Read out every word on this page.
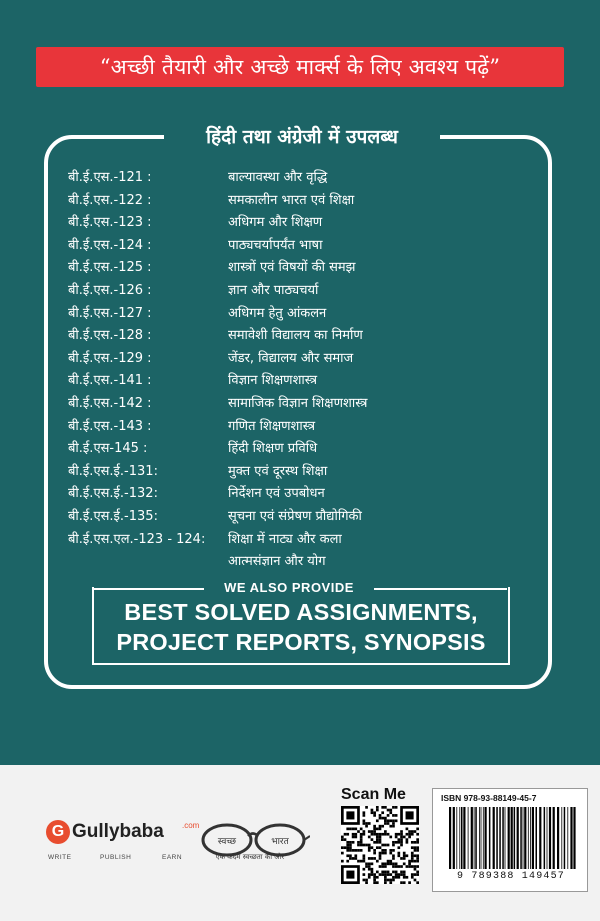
“अच्छी तैयारी और अच्छे मार्क्स के लिए अवश्य पढ़ें”
हिंदी तथा अंग्रेजी में उपलब्ध
बी.ई.एस.-121 :	बाल्यावस्था और वृद्धि
बी.ई.एस.-122 :	समकालीन भारत एवं शिक्षा
बी.ई.एस.-123 :	अधिगम और शिक्षण
बी.ई.एस.-124 :	पाठ्यचर्यापर्यंत भाषा
बी.ई.एस.-125 :	शास्त्रों एवं विषयों की समझ
बी.ई.एस.-126 :	ज्ञान और पाठ्यचर्या
बी.ई.एस.-127 :	अधिगम हेतु आंकलन
बी.ई.एस.-128 :	समावेशी विद्यालय का निर्माण
बी.ई.एस.-129 :	जेंडर, विद्यालय और समाज
बी.ई.एस.-141 :	विज्ञान शिक्षणशास्त्र
बी.ई.एस.-142 :	सामाजिक विज्ञान शिक्षणशास्त्र
बी.ई.एस.-143 :	गणित शिक्षणशास्त्र
बी.ई.एस-145 :	हिंदी शिक्षण प्रविधि
बी.ई.एस.ई.-131:	मुक्त एवं दूरस्थ शिक्षा
बी.ई.एस.ई.-132:	निर्देशन एवं उपबोधन
बी.ई.एस.ई.-135:	सूचना एवं संप्रेषण प्रौद्योगिकी
बी.ई.एस.एल.-123 - 124: शिक्षा में नाट्य और कला
आत्मसंज्ञान और योग
WE ALSO PROVIDE
BEST SOLVED ASSIGNMENTS,
PROJECT REPORTS, SYNOPSIS
G Gullybaba .com
WRITE	PUBLISH	EARN
स्वच्छ	भारत
एक कदम स्वच्छता की ओर
Scan Me	ISBN 978-93-88149-45-7
9 789388 149457
